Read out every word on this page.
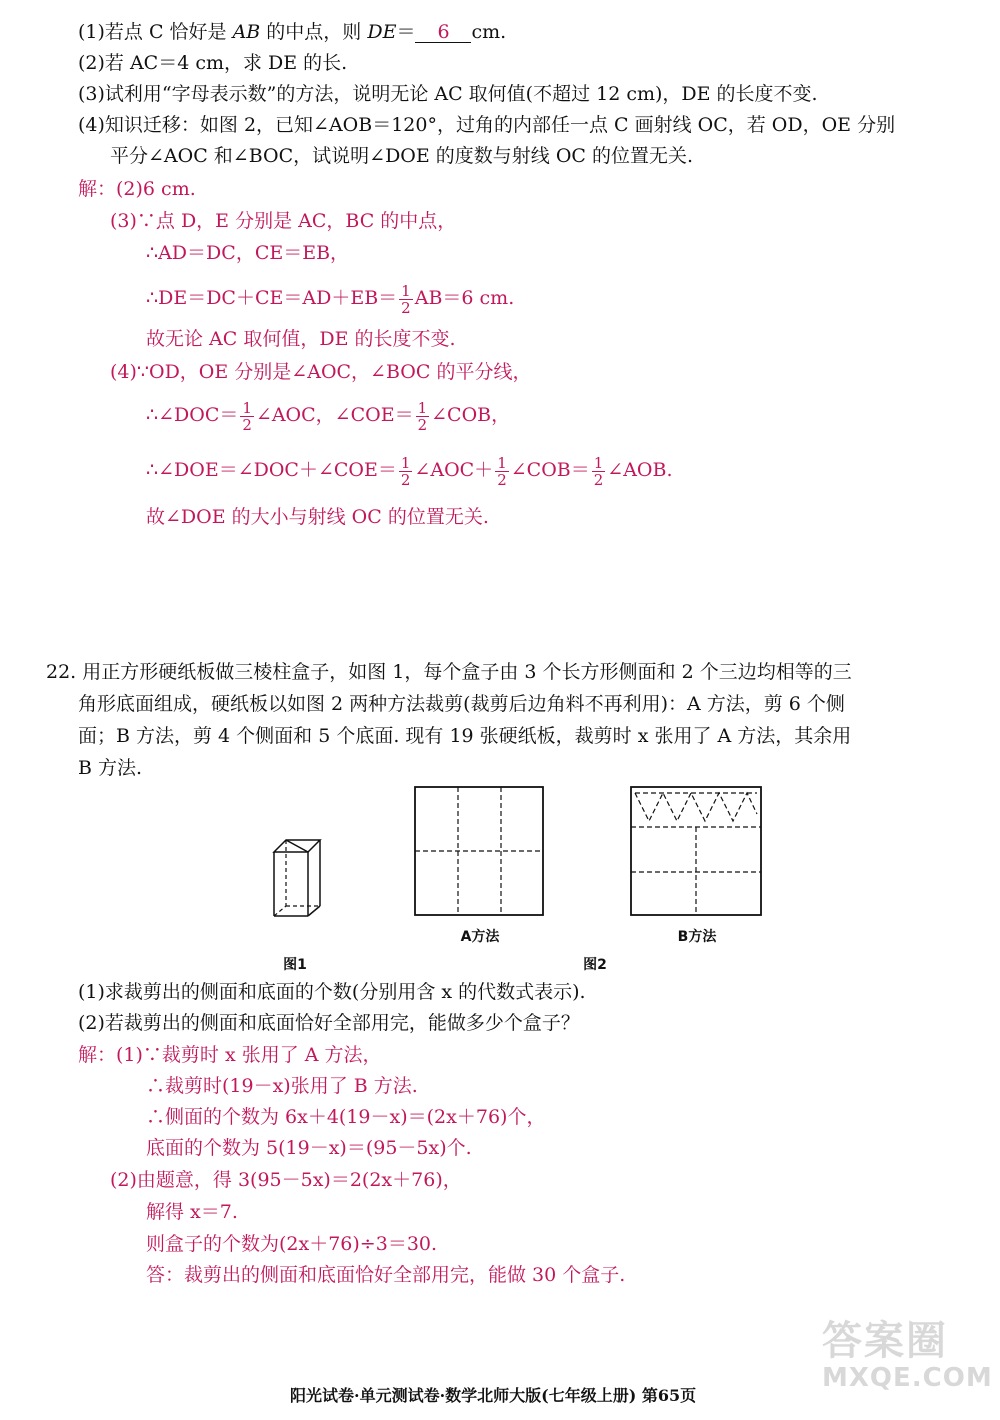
(1)若点 C 恰好是 AB 的中点，则 DE＝ 6 cm.
(2)若 AC＝4 cm，求 DE 的长.
(3)试利用“字母表示数”的方法，说明无论 AC 取何值(不超过 12 cm)，DE 的长度不变.
(4)知识迁移：如图 2，已知∠AOB＝120°，过角的内部任一点 C 画射线 OC，若 OD，OE 分别
平分∠AOC 和∠BOC，试说明∠DOE 的度数与射线 OC 的位置无关.
解：(2)6 cm.
(3)∵点 D，E 分别是 AC，BC 的中点，
∴AD＝DC，CE＝EB，
∴DE＝DC＋CE＝AD＋EB＝ $\frac{1}{2} AB=6$ cm.
故无论 AC 取何值，DE 的长度不变.
(4)∵OD，OE 分别是∠AOC，∠BOC 的平分线，
∴∠DOC＝ $\frac{1}{2}$ ∠AOC，∠COE＝ $\frac{1}{2}$ ∠COB，
∴∠DOE＝∠DOC＋∠COE＝ $\frac{1}{2}$ ∠AOC＋ $\frac{1}{2}$ ∠COB＝ $\frac{1}{2}$ ∠AOB.
故∠DOE 的大小与射线 OC 的位置无关.
22. 用正方形硬纸板做三棱柱盒子，如图 1，每个盒子由 3 个长方形侧面和 2 个三边均相等的三
角形底面组成，硬纸板以如图 2 两种方法裁剪(裁剪后边角料不再利用)：A 方法，剪 6 个侧
面；B 方法，剪 4 个侧面和 5 个底面. 现有 19 张硬纸板，裁剪时 x 张用了 A 方法，其余用
B 方法.
图1
A方法	B方法
图2
(1)求裁剪出的侧面和底面的个数(分别用含 x 的代数式表示).
(2)若裁剪出的侧面和底面恰好全部用完，能做多少个盒子？
解：(1)∵裁剪时 x 张用了 A 方法，
∴裁剪时(19－x)张用了 B 方法.
∴侧面的个数为 6x＋4(19－x)＝(2x＋76)个，
底面的个数为 5(19－x)＝(95－5x)个.
(2)由题意，得 3(95－5x)＝2(2x＋76)，
解得 x＝7.
则盒子的个数为(2x＋76)÷3＝30.
答：裁剪出的侧面和底面恰好全部用完，能做 30 个盒子.
答案圈
MXQE.COM
阳光试卷·单元测试卷·数学北师大版(七年级上册) 第65页
